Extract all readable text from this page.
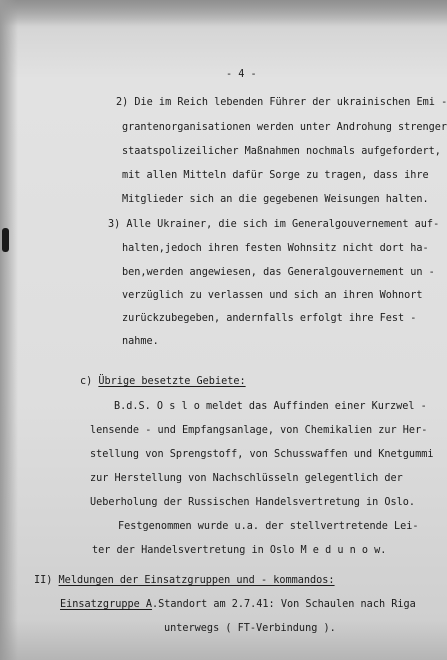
- 4 -
2) Die im Reich lebenden Führer der ukrainischen Emi -
grantenorganisationen werden unter Androhung strenger
staatspolizeilicher Maßnahmen nochmals aufgefordert,
mit allen Mitteln dafür Sorge zu tragen, dass ihre
Mitglieder sich an die gegebenen Weisungen halten.
3) Alle Ukrainer, die sich im Generalgouvernement auf-
halten,jedoch ihren festen Wohnsitz nicht dort ha-
ben,werden angewiesen, das Generalgouvernement un -
verzüglich zu verlassen und sich an ihren Wohnort
zurückzubegeben, andernfalls erfolgt ihre Fest -
nahme.
c) Übrige besetzte Gebiete:
B.d.S. O s l o meldet das Auffinden einer Kurzwel -
lensende - und Empfangsanlage, von Chemikalien zur Her-
stellung von Sprengstoff, von Schusswaffen und Knetgummi
zur Herstellung von Nachschlüsseln gelegentlich der
Ueberholung der Russischen Handelsvertretung in Oslo.
Festgenommen wurde u.a. der stellvertretende Lei-
ter der Handelsvertretung in Oslo M e d u n o w.
II) Meldungen der Einsatzgruppen und - kommandos:
Einsatzgruppe A.Standort am 2.7.41: Von Schaulen nach Riga
unterwegs ( FT-Verbindung ).
